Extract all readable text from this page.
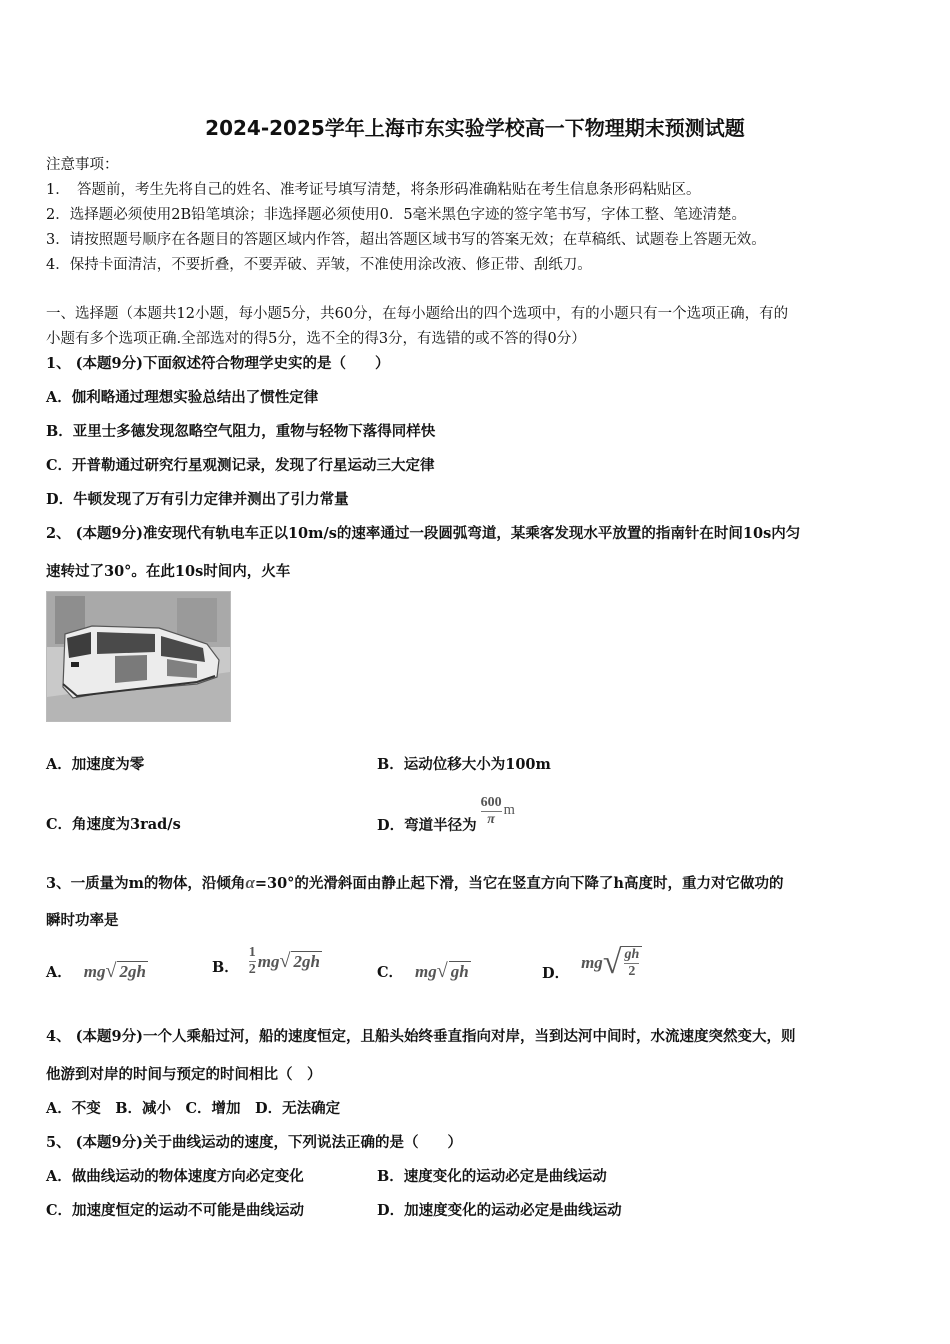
2024-2025学年上海市东实验学校高一下物理期末预测试题
注意事项：
1．　答题前，考生先将自己的姓名、准考证号填写清楚，将条形码准确粘贴在考生信息条形码粘贴区。
2．选择题必须使用2B铅笔填涂；非选择题必须使用0．5毫米黑色字迹的签字笔书写，字体工整、笔迹清楚。
3．请按照题号顺序在各题目的答题区域内作答，超出答题区域书写的答案无效；在草稿纸、试题卷上答题无效。
4．保持卡面清洁，不要折叠，不要弄破、弄皱，不准使用涂改液、修正带、刮纸刀。
一、选择题（本题共12小题，每小题5分，共60分，在每小题给出的四个选项中，有的小题只有一个选项正确，有的
小题有多个选项正确.全部选对的得5分，选不全的得3分，有选错的或不答的得0分）
1、 (本题9分)下面叙述符合物理学史实的是（　　）
A．伽利略通过理想实验总结出了惯性定律
B．亚里士多德发现忽略空气阻力，重物与轻物下落得同样快
C．开普勒通过研究行星观测记录，发现了行星运动三大定律
D．牛顿发现了万有引力定律并测出了引力常量
2、 (本题9分)准安现代有轨电车正以10m/s的速率通过一段圆弧弯道，某乘客发现水平放置的指南针在时间10s内匀
速转过了30°。在此10s时间内，火车
A．加速度为零	B．运动位移大小为100m
C．角速度为3rad/s	D．弯道半径为 $\frac{600}{\pi}$ m
3、一质量为m的物体，沿倾角α=30°的光滑斜面由静止起下滑，当它在竖直方向下降了h高度时，重力对它做功的
瞬时功率是
A． mg√ 2gh	B． $\frac{1}{2} mg√$ 2gh
C． mg√ gh	D．
mg √ $\frac{gh}{2}$
4、 (本题9分)一个人乘船过河，船的速度恒定，且船头始终垂直指向对岸，当到达河中间时，水流速度突然变大，则
他游到对岸的时间与预定的时间相比（　）
A．不变　B．减小　C．增加　D．无法确定
5、 (本题9分)关于曲线运动的速度，下列说法正确的是（　　）
A．做曲线运动的物体速度方向必定变化	B．速度变化的运动必定是曲线运动
C．加速度恒定的运动不可能是曲线运动	D．加速度变化的运动必定是曲线运动
